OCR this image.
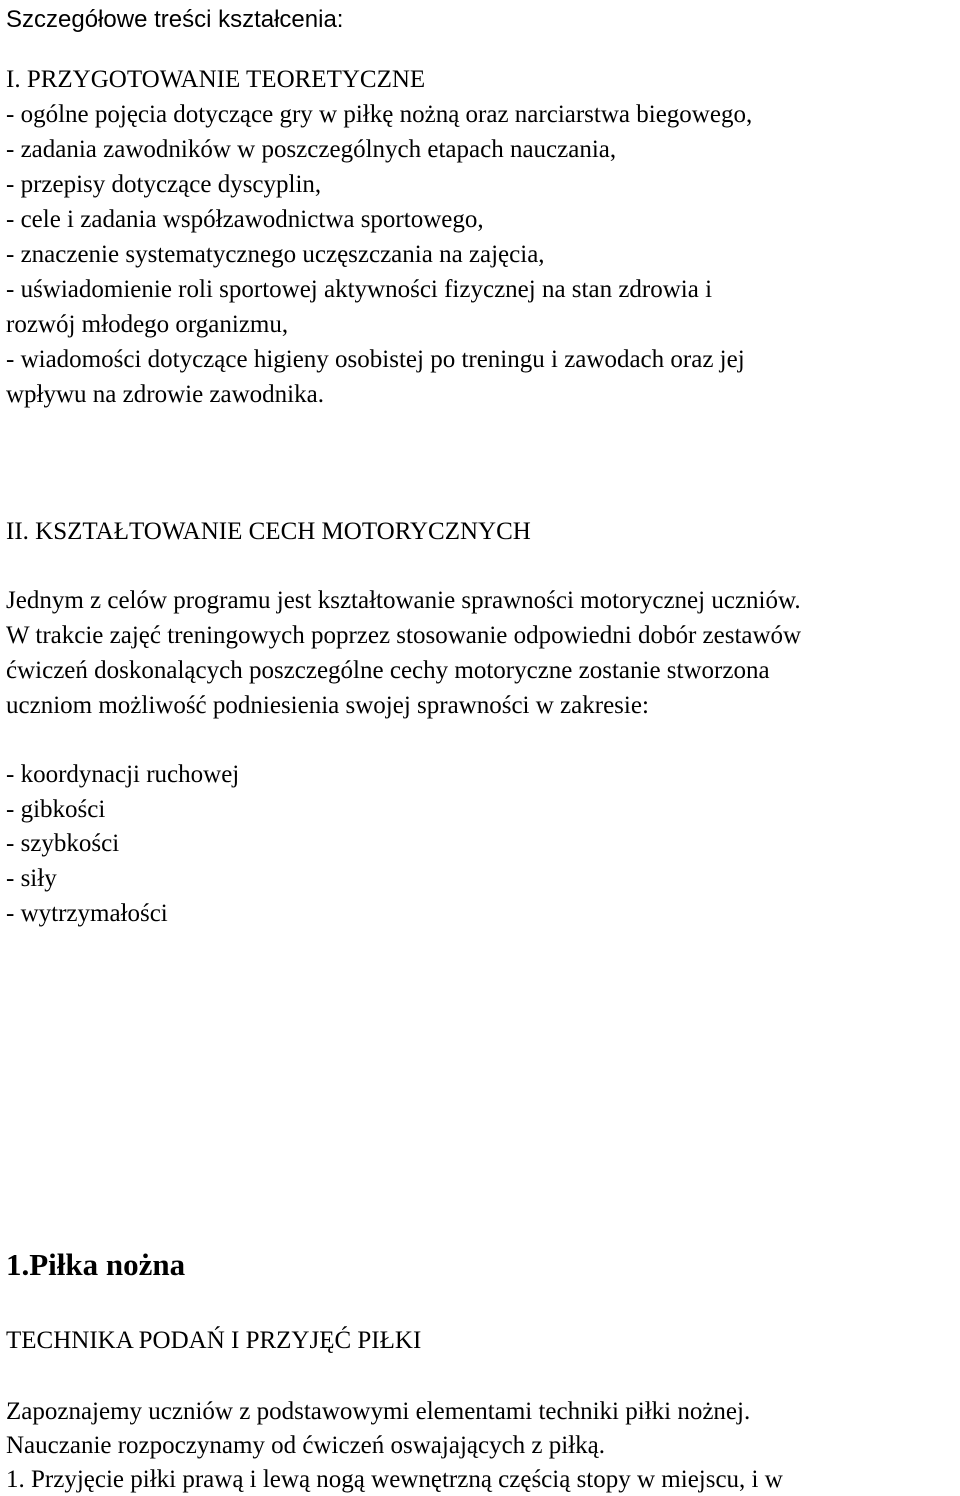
Szczegółowe treści kształcenia:

I. PRZYGOTOWANIE TEORETYCZNE

- ogólne pojęcia dotyczące gry w piłkę nożną oraz narciarstwa biegowego,

- zadania zawodników w poszczególnych etapach nauczania,

- przepisy dotyczące dyscyplin,

- cele i zadania współzawodnictwa sportowego,

- znaczenie systematycznego uczęszczania na zajęcia,

- uświadomienie roli sportowej aktywności fizycznej na stan zdrowia i

rozwój młodego organizmu,

- wiadomości dotyczące higieny osobistej po treningu i zawodach oraz jej

wpływu na zdrowie zawodnika.

II. KSZTAŁTOWANIE CECH MOTORYCZNYCH

Jednym z celów programu jest kształtowanie sprawności motorycznej uczniów.

W trakcie zajęć treningowych poprzez stosowanie odpowiedni dobór zestawów

ćwiczeń doskonalących poszczególne cechy motoryczne zostanie stworzona

uczniom możliwość podniesienia swojej sprawności w zakresie:

- koordynacji ruchowej

- gibkości

- szybkości

- siły

- wytrzymałości

1.Piłka nożna

TECHNIKA PODAŃ I PRZYJĘĆ PIŁKI

Zapoznajemy uczniów z podstawowymi elementami techniki piłki nożnej.

Nauczanie rozpoczynamy od ćwiczeń oswajających z piłką.

1. Przyjęcie piłki prawą i lewą nogą wewnętrzną częścią stopy w miejscu, i w
